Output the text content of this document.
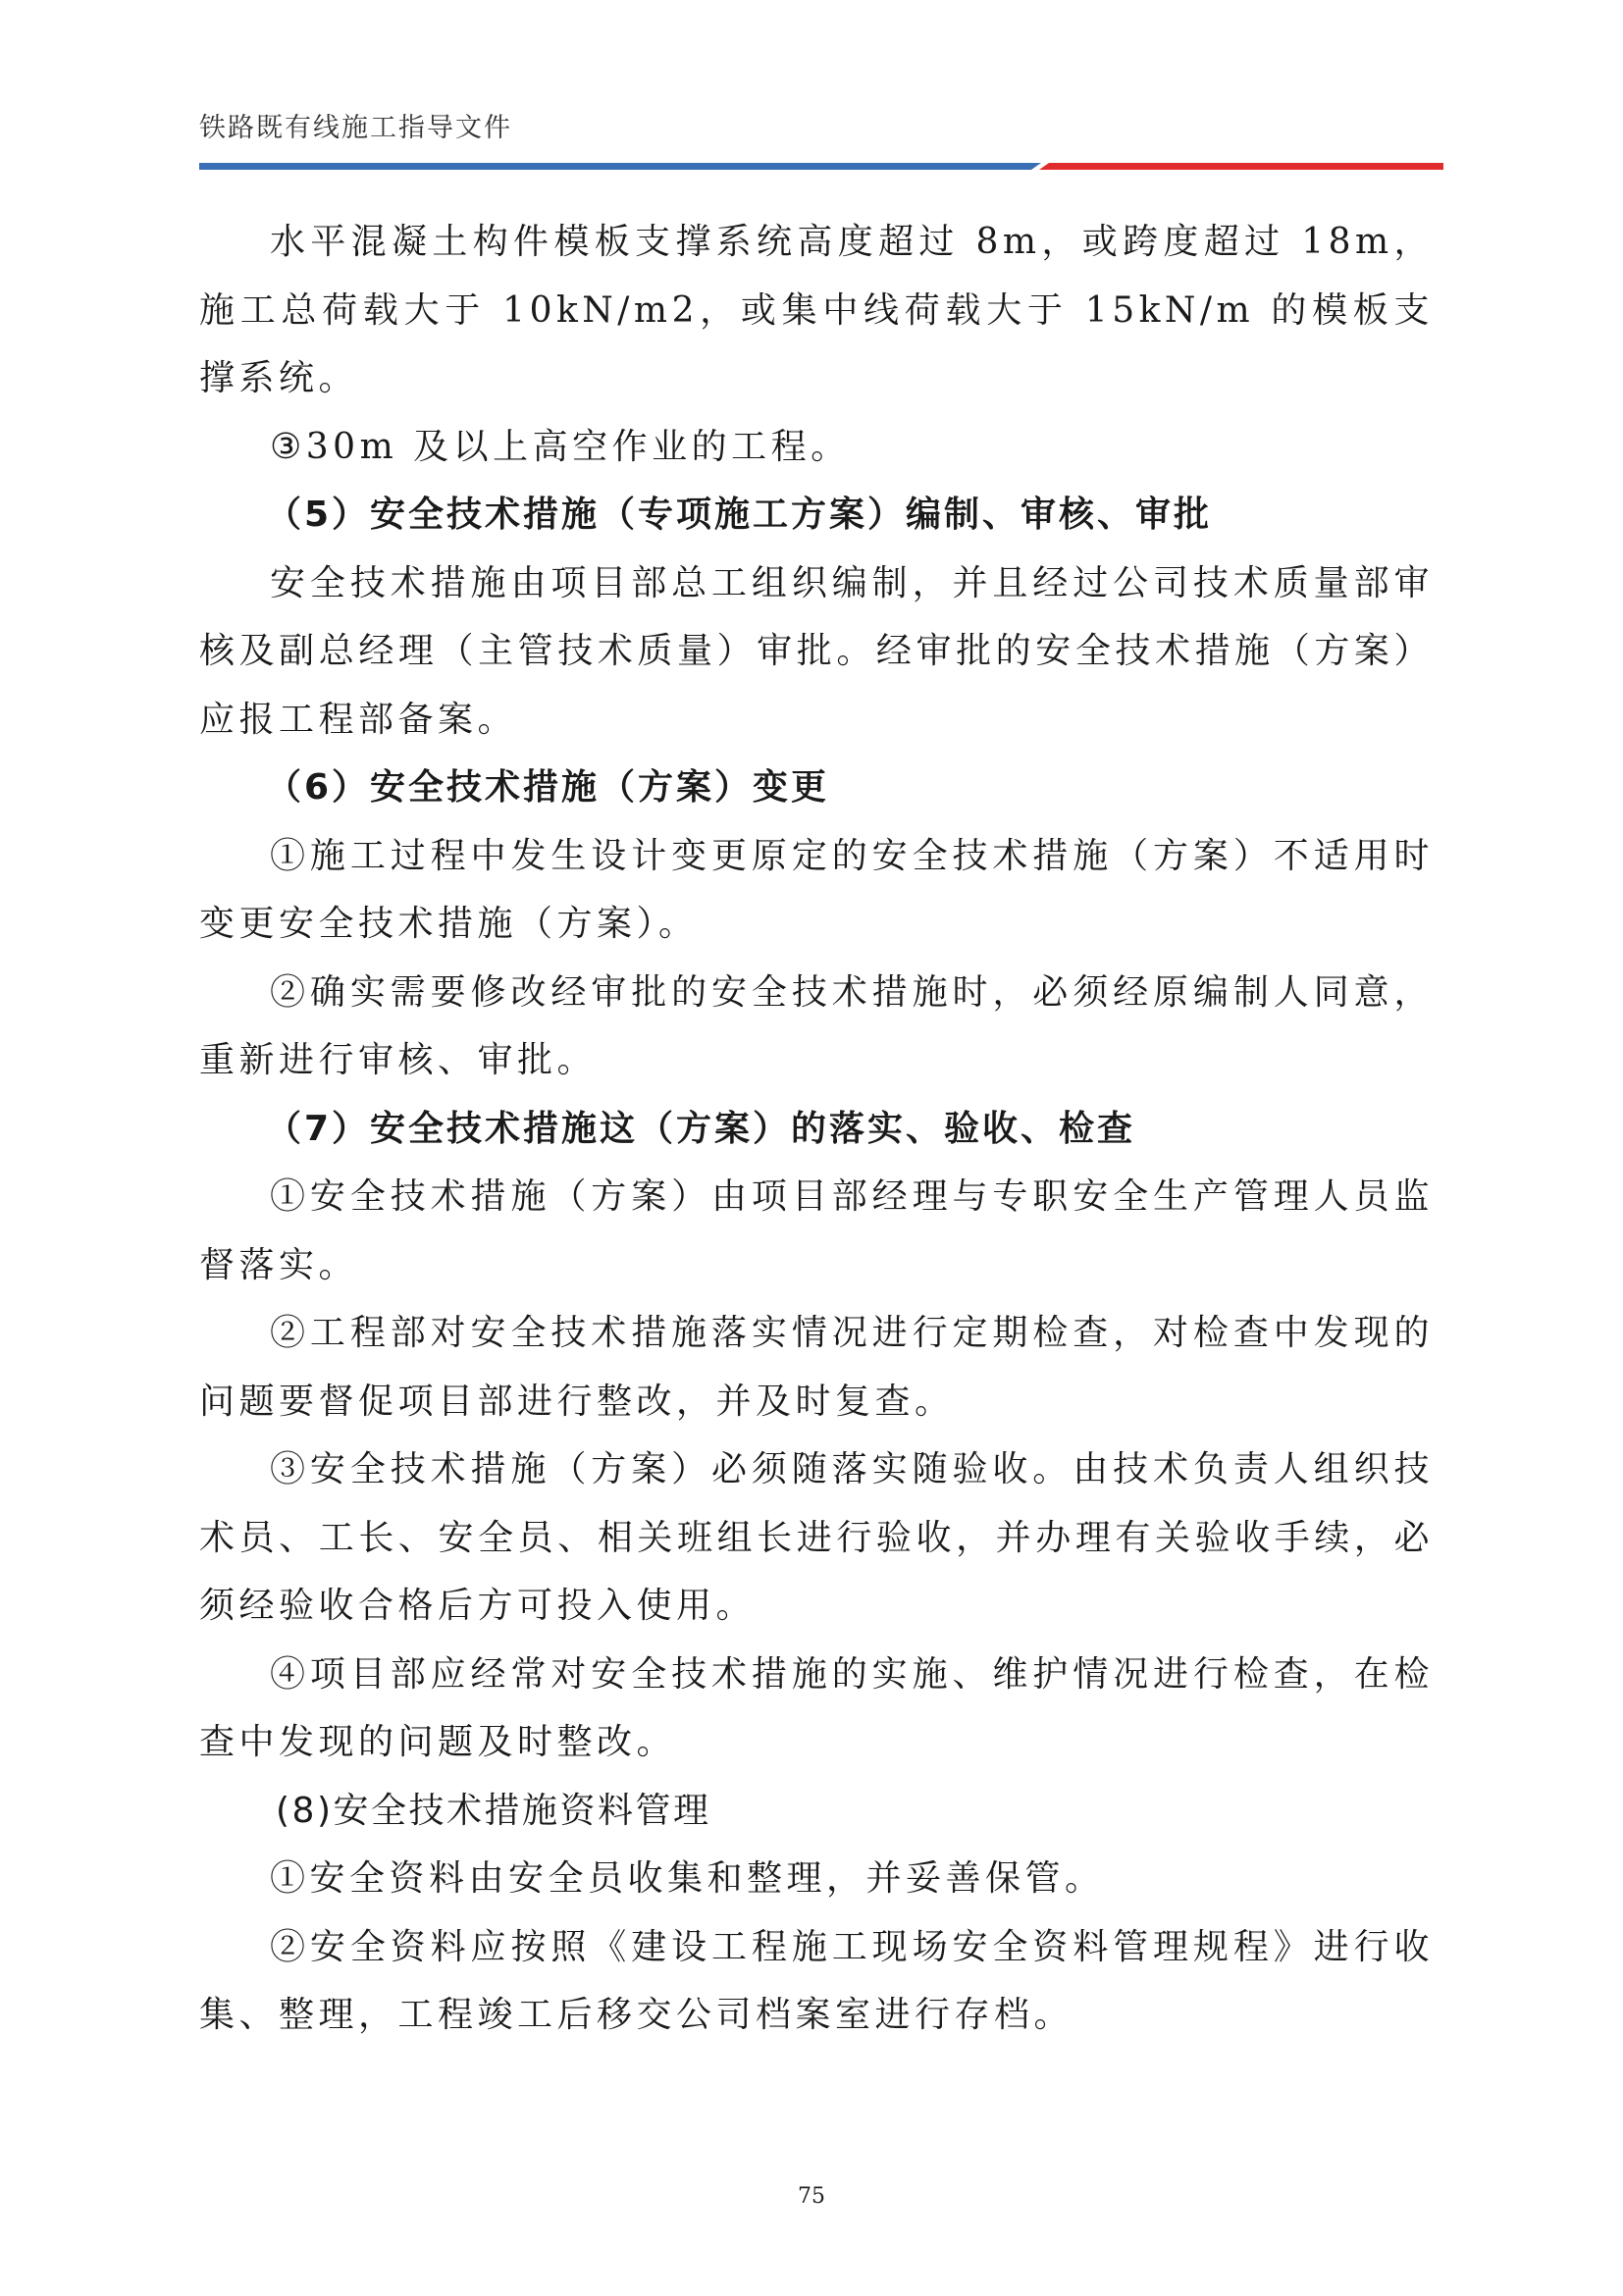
铁路既有线施工指导文件

水平混凝土构件模板支撑系统高度超过 8m，或跨度超过 18m，施工总荷载大于 10kN/m2，或集中线荷载大于 15kN/m 的模板支撑系统。

③30m 及以上高空作业的工程。

（5）安全技术措施（专项施工方案）编制、审核、审批

安全技术措施由项目部总工组织编制，并且经过公司技术质量部审核及副总经理（主管技术质量）审批。经审批的安全技术措施（方案）应报工程部备案。

（6）安全技术措施（方案）变更

①施工过程中发生设计变更原定的安全技术措施（方案）不适用时变更安全技术措施（方案）。

②确实需要修改经审批的安全技术措施时，必须经原编制人同意，重新进行审核、审批。

（7）安全技术措施这（方案）的落实、验收、检查

①安全技术措施（方案）由项目部经理与专职安全生产管理人员监督落实。

②工程部对安全技术措施落实情况进行定期检查，对检查中发现的问题要督促项目部进行整改，并及时复查。

③安全技术措施（方案）必须随落实随验收。由技术负责人组织技术员、工长、安全员、相关班组长进行验收，并办理有关验收手续，必须经验收合格后方可投入使用。

④项目部应经常对安全技术措施的实施、维护情况进行检查，在检查中发现的问题及时整改。

(8)安全技术措施资料管理

①安全资料由安全员收集和整理，并妥善保管。

②安全资料应按照《建设工程施工现场安全资料管理规程》进行收集、整理，工程竣工后移交公司档案室进行存档。

75
